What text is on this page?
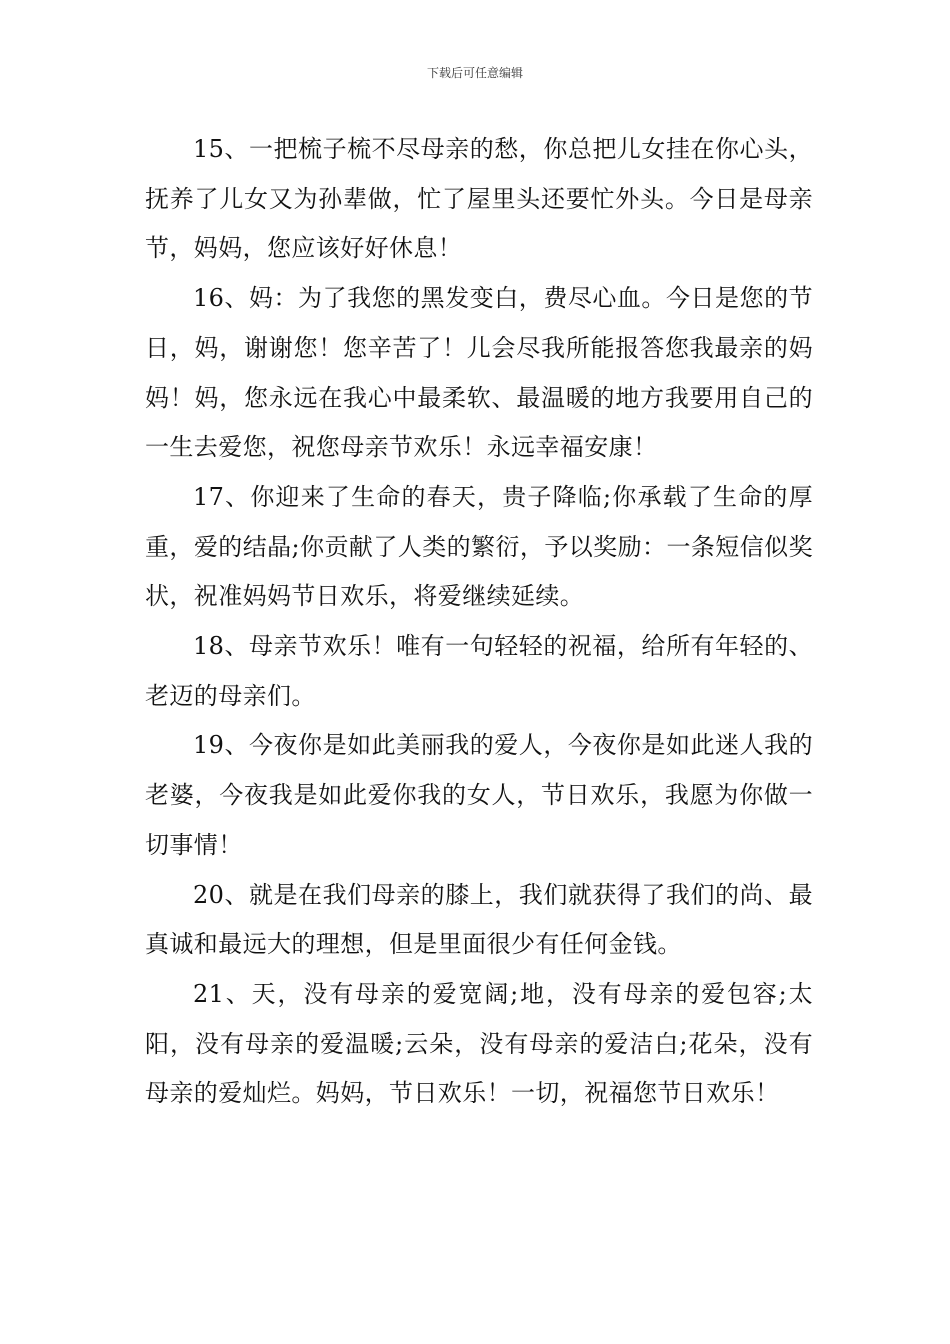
下载后可任意编辑

15、一把梳子梳不尽母亲的愁，你总把儿女挂在你心头，抚养了儿女又为孙辈做，忙了屋里头还要忙外头。今日是母亲节，妈妈，您应该好好休息！

16、妈：为了我您的黑发变白，费尽心血。今日是您的节日，妈，谢谢您！您辛苦了！儿会尽我所能报答您我最亲的妈妈！妈，您永远在我心中最柔软、最温暖的地方我要用自己的一生去爱您，祝您母亲节欢乐！永远幸福安康！

17、你迎来了生命的春天，贵子降临;你承载了生命的厚重，爱的结晶;你贡献了人类的繁衍，予以奖励：一条短信似奖状，祝准妈妈节日欢乐，将爱继续延续。

18、母亲节欢乐！唯有一句轻轻的祝福，给所有年轻的、老迈的母亲们。

19、今夜你是如此美丽我的爱人，今夜你是如此迷人我的老婆，今夜我是如此爱你我的女人，节日欢乐，我愿为你做一切事情！

20、就是在我们母亲的膝上，我们就获得了我们的尚、最真诚和最远大的理想，但是里面很少有任何金钱。

21、天，没有母亲的爱宽阔;地，没有母亲的爱包容;太阳，没有母亲的爱温暖;云朵，没有母亲的爱洁白;花朵，没有母亲的爱灿烂。妈妈，节日欢乐！一切，祝福您节日欢乐！
